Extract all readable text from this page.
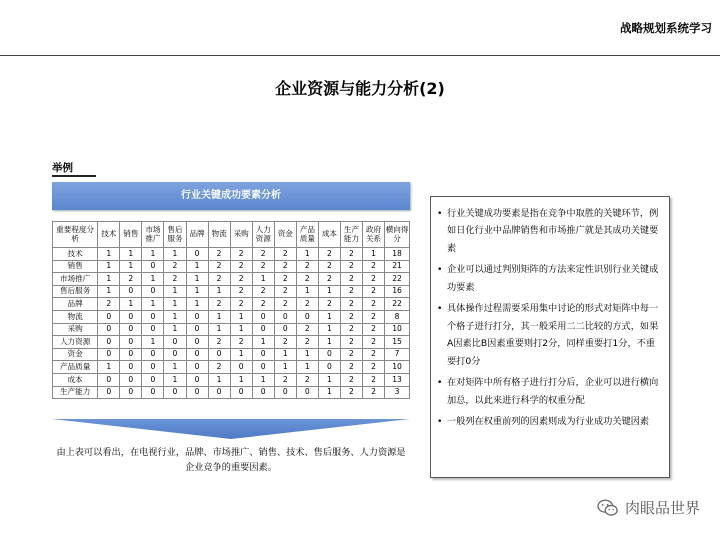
战略规划系统学习
企业资源与能力分析(2)
举例
行业关键成功要素分析
重要程度分析	技术	销售	市场推广	售后服务	品牌	物流	采购	人力资源	资金	产品质量	成本	生产能力	政府关系	横向得分
技术	1	1	1	1	0	2	2	2	2	1	2	2	1	18
销售	1	1	0	2	1	2	2	2	2	2	2	2	2	21
市场推广	1	2	1	2	1	2	2	1	2	2	2	2	2	22
售后服务	1	0	0	1	1	1	2	2	2	1	1	2	2	16
品牌	2	1	1	1	1	2	2	2	2	2	2	2	2	22
物流	0	0	0	1	0	1	1	0	0	0	1	2	2	8
采购	0	0	0	1	0	1	1	0	0	2	1	2	2	10
人力资源	0	0	1	0	0	2	2	1	2	2	1	2	2	15
资金	0	0	0	0	0	0	1	0	1	1	0	2	2	7
产品质量	1	0	0	1	0	2	0	0	1	1	0	2	2	10
成本	0	0	0	1	0	1	1	1	2	2	1	2	2	13
生产能力	0	0	0	0	0	0	0	0	0	0	1	2	2	3
由上表可以看出，在电视行业，品牌、市场推广、销售、技术、售后服务、人力资源是企业竞争的重要因素。
• 行业关键成功要素是指在竞争中取胜的关键环节，例如日化行业中品牌销售和市场推广就是其成功关键要素
• 企业可以通过判别矩阵的方法来定性识别行业关键成功要素
• 具体操作过程需要采用集中讨论的形式对矩阵中每一个格子进行打分，其一般采用二二比较的方式，如果A因素比B因素重要则打2分，同样重要打1分，不重要打0分
• 在对矩阵中所有格子进行打分后，企业可以进行横向加总，以此来进行科学的权重分配
• 一般列在权重前列的因素则成为行业成功关键因素
肉眼品世界
